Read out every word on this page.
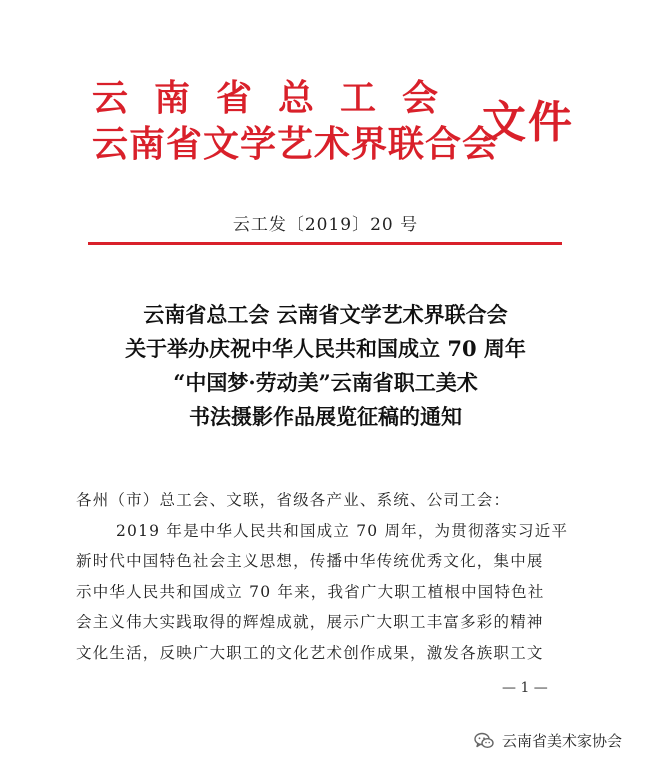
云南省总工会
云南省文学艺术界联合会
文件
云工发〔2019〕20 号
云南省总工会 云南省文学艺术界联合会
关于举办庆祝中华人民共和国成立 70 周年
“中国梦·劳动美”云南省职工美术
书法摄影作品展览征稿的通知
各州（市）总工会、文联，省级各产业、系统、公司工会：
2019 年是中华人民共和国成立 70 周年，为贯彻落实习近平
新时代中国特色社会主义思想，传播中华传统优秀文化，集中展
示中华人民共和国成立 70 年来，我省广大职工植根中国特色社
会主义伟大实践取得的辉煌成就，展示广大职工丰富多彩的精神
文化生活，反映广大职工的文化艺术创作成果，激发各族职工文
— 1 —
云南省美术家协会
